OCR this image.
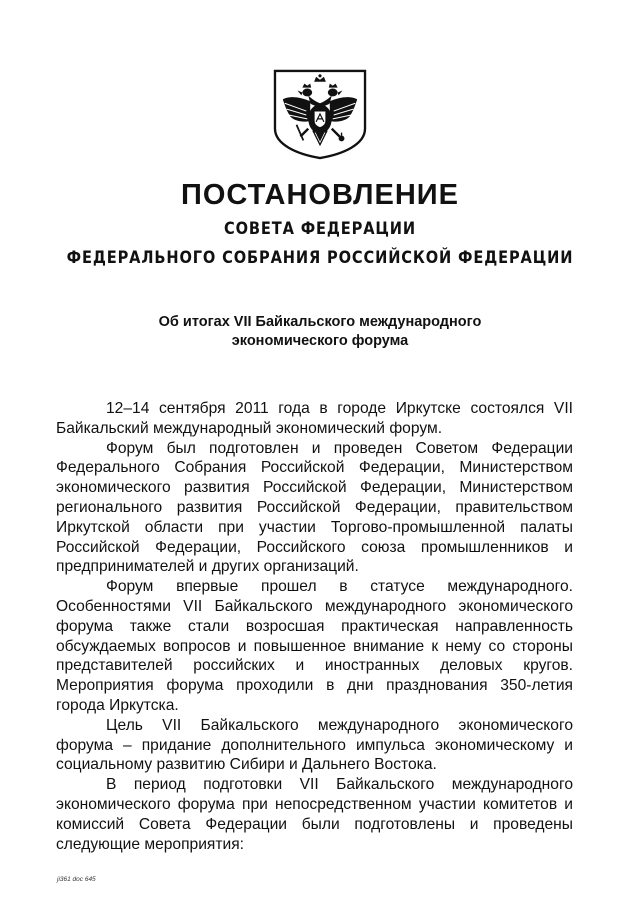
ПОСТАНОВЛЕНИЕ
СОВЕТА ФЕДЕРАЦИИ
ФЕДЕРАЛЬНОГО СОБРАНИЯ РОССИЙСКОЙ ФЕДЕРАЦИИ
Об итогах VII Байкальского международного
экономического форума

12–14 сентября 2011 года в городе Иркутске состоялся VII Байкальский международный экономический форум.

Форум был подготовлен и проведен Советом Федерации Федерального Собрания Российской Федерации, Министерством экономического развития Российской Федерации, Министерством регионального развития Российской Федерации, правительством Иркутской области при участии Торгово-промышленной палаты Российской Федерации, Российского союза промышленников и предпринимателей и других организаций.

Форум впервые прошел в статусе международного. Особенностями VII Байкальского международного экономического форума также стали возросшая практическая направленность обсуждаемых вопросов и повышенное внимание к нему со стороны представителей российских и иностранных деловых кругов. Мероприятия форума проходили в дни празднования 350-летия города Иркутска.

Цель VII Байкальского международного экономического форума – придание дополнительного импульса экономическому и социальному развитию Сибири и Дальнего Востока.

В период подготовки VII Байкальского международного экономического форума при непосредственном участии комитетов и комиссий Совета Федерации были подготовлены и проведены следующие мероприятия:

ji361 doc 645
